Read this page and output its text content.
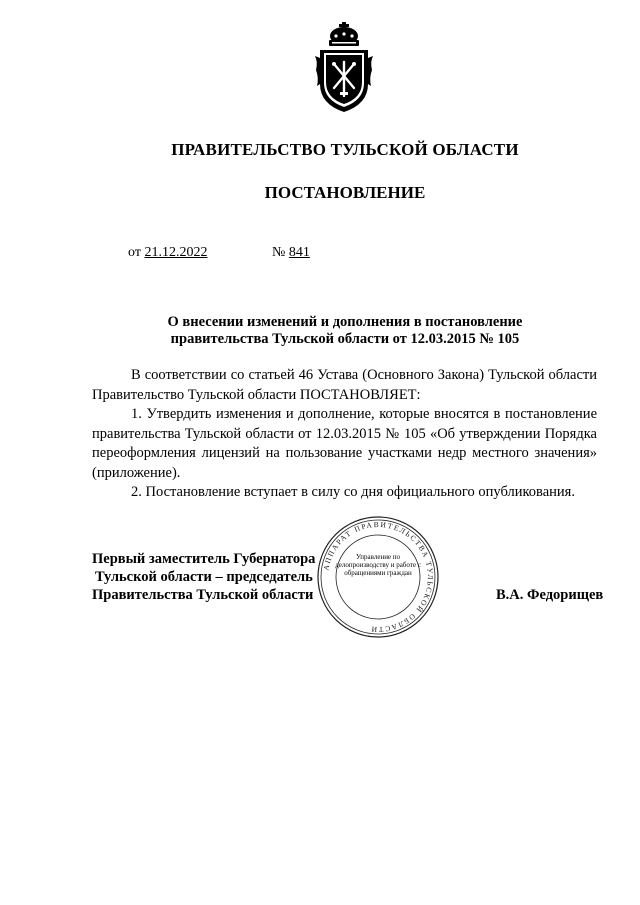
ПРАВИТЕЛЬСТВО ТУЛЬСКОЙ ОБЛАСТИ
ПОСТАНОВЛЕНИЕ
от 21.12.2022	№ 841
О внесении изменений и дополнения в постановление
правительства Тульской области от 12.03.2015 № 105

В соответствии со статьей 46 Устава (Основного Закона) Тульской области Правительство Тульской области ПОСТАНОВЛЯЕТ:

1. Утвердить изменения и дополнение, которые вносятся в постановление правительства Тульской области от 12.03.2015 № 105 «Об утверждении Порядка переоформления лицензий на пользование участками недр местного значения» (приложение).

2. Постановление вступает в силу со дня официального опубликования.

Первый заместитель Губернатора
Тульской области – председатель
Правительства Тульской области
АППАРАТ ПРАВИТЕЛЬСТВА ТУЛЬСКОЙ ОБЛАСТИ
Управление по делопроизводству и работе с обращениями граждан
В.А. Федорищев
